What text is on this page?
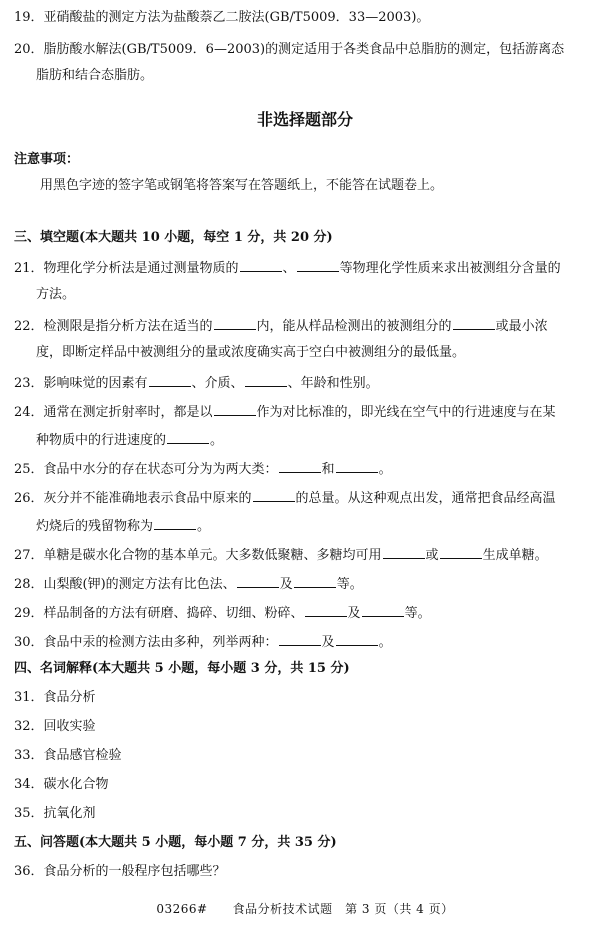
19．亚硝酸盐的测定方法为盐酸萘乙二胺法(GB/T5009．33—2003)。
20．脂肪酸水解法(GB/T5009．6—2003)的测定适用于各类食品中总脂肪的测定，包括游离态
脂肪和结合态脂肪。
非选择题部分
注意事项：
用黑色字迹的签字笔或钢笔将答案写在答题纸上，不能答在试题卷上。
三、填空题(本大题共 10 小题，每空 1 分，共 20 分)
21．物理化学分析法是通过测量物质的	、	等物理化学性质来求出被测组分含量的
方法。
22．检测限是指分析方法在适当的	内，能从样品检测出的被测组分的	或最小浓
度，即断定样品中被测组分的量或浓度确实高于空白中被测组分的最低量。
23．影响味觉的因素有	、介质、	、年龄和性别。
24．通常在测定折射率时，都是以	作为对比标准的，即光线在空气中的行进速度与在某
种物质中的行进速度的	。
25．食品中水分的存在状态可分为为两大类：	和	。
26．灰分并不能准确地表示食品中原来的	的总量。从这种观点出发，通常把食品经高温
灼烧后的残留物称为	。
27．单糖是碳水化合物的基本单元。大多数低聚糖、多糖均可用	或	生成单糖。
28．山梨酸(钾)的测定方法有比色法、	及	等。
29．样品制备的方法有研磨、捣碎、切细、粉碎、	及	等。
30．食品中汞的检测方法由多种，列举两种：	及	。
四、名词解释(本大题共 5 小题，每小题 3 分，共 15 分)
31．食品分析
32．回收实验
33．食品感官检验
34．碳水化合物
35．抗氧化剂
五、问答题(本大题共 5 小题，每小题 7 分，共 35 分)
36．食品分析的一般程序包括哪些？
03266#　　食品分析技术试题　第 3 页（共 4 页）
